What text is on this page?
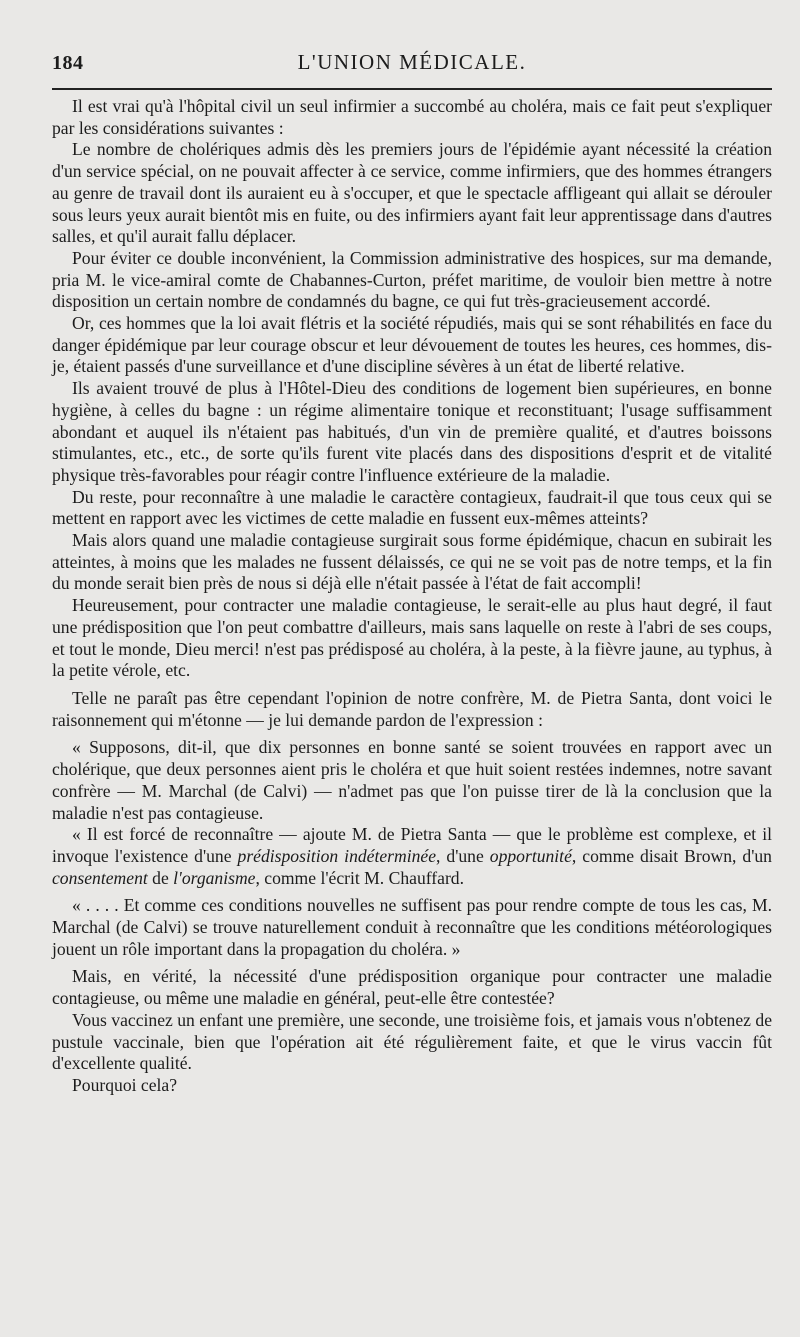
184	L'UNION MÉDICALE.

Il est vrai qu'à l'hôpital civil un seul infirmier a succombé au choléra, mais ce fait peut s'expliquer par les considérations suivantes :

Le nombre de cholériques admis dès les premiers jours de l'épidémie ayant nécessité la création d'un service spécial, on ne pouvait affecter à ce service, comme infirmiers, que des hommes étrangers au genre de travail dont ils auraient eu à s'occuper, et que le spectacle affligeant qui allait se dérouler sous leurs yeux aurait bientôt mis en fuite, ou des infirmiers ayant fait leur apprentissage dans d'autres salles, et qu'il aurait fallu déplacer.

Pour éviter ce double inconvénient, la Commission administrative des hospices, sur ma demande, pria M. le vice-amiral comte de Chabannes-Curton, préfet maritime, de vouloir bien mettre à notre disposition un certain nombre de condamnés du bagne, ce qui fut très-gracieusement accordé.

Or, ces hommes que la loi avait flétris et la société répudiés, mais qui se sont réhabilités en face du danger épidémique par leur courage obscur et leur dévouement de toutes les heures, ces hommes, dis-je, étaient passés d'une surveillance et d'une discipline sévères à un état de liberté relative.

Ils avaient trouvé de plus à l'Hôtel-Dieu des conditions de logement bien supérieures, en bonne hygiène, à celles du bagne : un régime alimentaire tonique et reconstituant; l'usage suffisamment abondant et auquel ils n'étaient pas habitués, d'un vin de première qualité, et d'autres boissons stimulantes, etc., etc., de sorte qu'ils furent vite placés dans des dispositions d'esprit et de vitalité physique très-favorables pour réagir contre l'influence extérieure de la maladie.

Du reste, pour reconnaître à une maladie le caractère contagieux, faudrait-il que tous ceux qui se mettent en rapport avec les victimes de cette maladie en fussent eux-mêmes atteints?

Mais alors quand une maladie contagieuse surgirait sous forme épidémique, chacun en subirait les atteintes, à moins que les malades ne fussent délaissés, ce qui ne se voit pas de notre temps, et la fin du monde serait bien près de nous si déjà elle n'était passée à l'état de fait accompli!

Heureusement, pour contracter une maladie contagieuse, le serait-elle au plus haut degré, il faut une prédisposition que l'on peut combattre d'ailleurs, mais sans laquelle on reste à l'abri de ses coups, et tout le monde, Dieu merci! n'est pas prédisposé au choléra, à la peste, à la fièvre jaune, au typhus, à la petite vérole, etc.

Telle ne paraît pas être cependant l'opinion de notre confrère, M. de Pietra Santa, dont voici le raisonnement qui m'étonne — je lui demande pardon de l'expression :

« Supposons, dit-il, que dix personnes en bonne santé se soient trouvées en rapport avec un cholérique, que deux personnes aient pris le choléra et que huit soient restées indemnes, notre savant confrère — M. Marchal (de Calvi) — n'admet pas que l'on puisse tirer de là la conclusion que la maladie n'est pas contagieuse.

« Il est forcé de reconnaître — ajoute M. de Pietra Santa — que le problème est complexe, et il invoque l'existence d'une prédisposition indéterminée, d'une opportunité, comme disait Brown, d'un consentement de l'organisme, comme l'écrit M. Chauffard.

« . . . . Et comme ces conditions nouvelles ne suffisent pas pour rendre compte de tous les cas, M. Marchal (de Calvi) se trouve naturellement conduit à reconnaître que les conditions météorologiques jouent un rôle important dans la propagation du choléra. »

Mais, en vérité, la nécessité d'une prédisposition organique pour contracter une maladie contagieuse, ou même une maladie en général, peut-elle être contestée?

Vous vaccinez un enfant une première, une seconde, une troisième fois, et jamais vous n'obtenez de pustule vaccinale, bien que l'opération ait été régulièrement faite, et que le virus vaccin fût d'excellente qualité.

Pourquoi cela?
